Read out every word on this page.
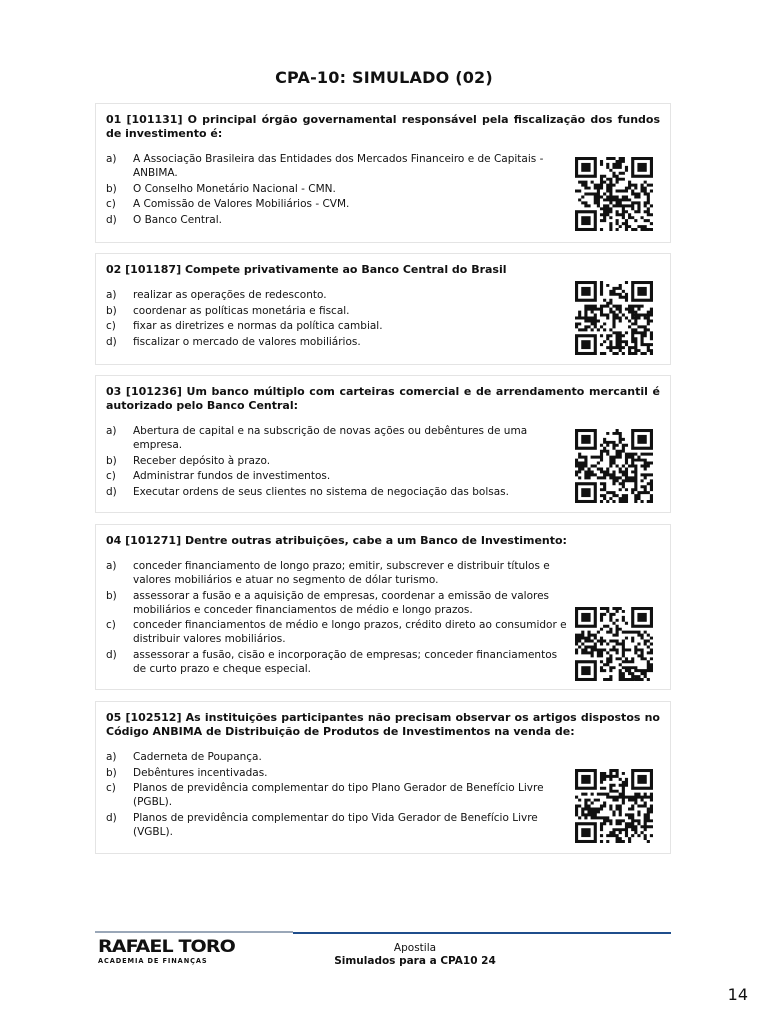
CPA-10: SIMULADO (02)
01 [101131] O principal órgão governamental responsável pela fiscalização dos fundos de investimento é:
a)	A Associação Brasileira das Entidades dos Mercados Financeiro e de Capitais - ANBIMA.
b)	O Conselho Monetário Nacional - CMN.
c)	A Comissão de Valores Mobiliários - CVM.
d)	O Banco Central.
02 [101187] Compete privativamente ao Banco Central do Brasil
a)	realizar as operações de redesconto.
b)	coordenar as políticas monetária e fiscal.
c)	fixar as diretrizes e normas da política cambial.
d)	fiscalizar o mercado de valores mobiliários.
03 [101236] Um banco múltiplo com carteiras comercial e de arrendamento mercantil é autorizado pelo Banco Central:
a)	Abertura de capital e na subscrição de novas ações ou debêntures de uma empresa.
b)	Receber depósito à prazo.
c)	Administrar fundos de investimentos.
d)	Executar ordens de seus clientes no sistema de negociação das bolsas.
04 [101271] Dentre outras atribuições, cabe a um Banco de Investimento:
a)	conceder financiamento de longo prazo; emitir, subscrever e distribuir títulos e valores mobiliários e atuar no segmento de dólar turismo.
b)	assessorar a fusão e a aquisição de empresas, coordenar a emissão de valores mobiliários e conceder financiamentos de médio e longo prazos.
c)	conceder financiamentos de médio e longo prazos, crédito direto ao consumidor e distribuir valores mobiliários.
d)	assessorar a fusão, cisão e incorporação de empresas; conceder financiamentos de curto prazo e cheque especial.
05 [102512] As instituições participantes não precisam observar os artigos dispostos no Código ANBIMA de Distribuição de Produtos de Investimentos na venda de:
a)	Caderneta de Poupança.
b)	Debêntures incentivadas.
c)	Planos de previdência complementar do tipo Plano Gerador de Benefício Livre (PGBL).
d)	Planos de previdência complementar do tipo Vida Gerador de Benefício Livre (VGBL).
RAFAEL TORO
ACADEMIA DE FINANÇAS
Apostila
Simulados para a CPA10 24
14
